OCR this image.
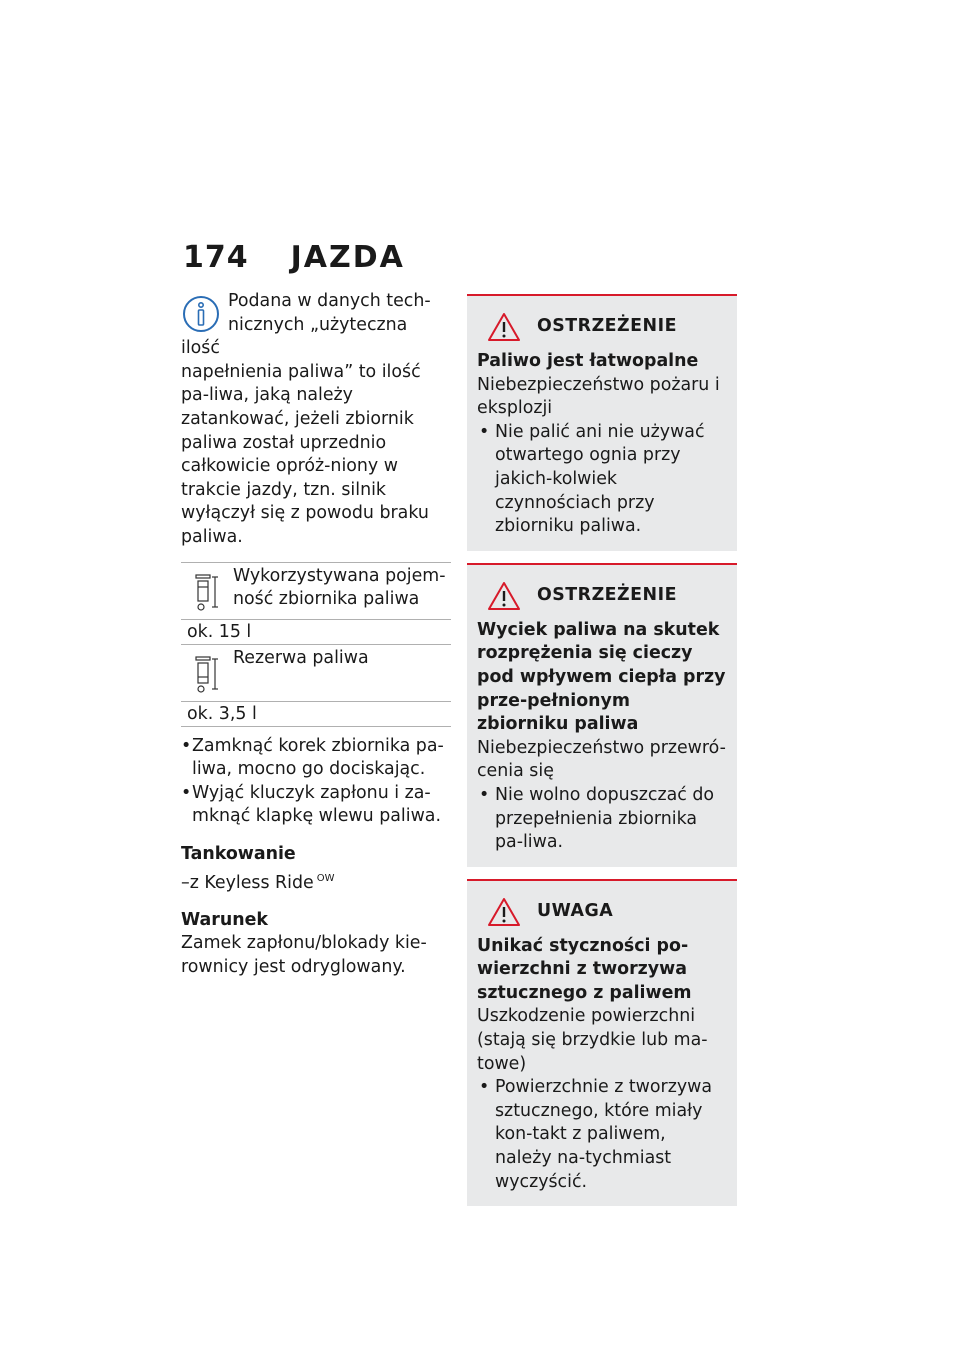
174 JAZDA

Podana w danych tech-
nicznych „użyteczna ilość
napełnienia paliwa” to ilość pa-liwa, jaką należy zatankować, jeżeli zbiornik paliwa został uprzednio całkowicie opróż-niony w trakcie jazdy, tzn. silnik wyłączył się z powodu braku paliwa.

Wykorzystywana pojem-ność zbiornika paliwa
ok. 15 l
Rezerwa paliwa
ok. 3,5 l
• Zamknąć korek zbiornika pa-liwa, mocno go dociskając.
• Wyjąć kluczyk zapłonu i za-mknąć klapkę wlewu paliwa.
Tankowanie
–z Keyless Ride $^{OW}$
Warunek
Zamek zapłonu/blokady kie-rownicy jest odryglowany.
OSTRZEŻENIE
Paliwo jest łatwopalne
Niebezpieczeństwo pożaru i eksplozji
• Nie palić ani nie używać otwartego ognia przy jakich-kolwiek czynnościach przy zbiorniku paliwa.
OSTRZEŻENIE
Wyciek paliwa na skutek rozprężenia się cieczy pod wpływem ciepła przy prze-pełnionym zbiorniku paliwa
Niebezpieczeństwo przewró-cenia się
• Nie wolno dopuszczać do przepełnienia zbiornika pa-liwa.
UWAGA
Unikać styczności po-wierzchni z tworzywa sztucznego z paliwem
Uszkodzenie powierzchni (stają się brzydkie lub ma-towe)
• Powierzchnie z tworzywa sztucznego, które miały kon-takt z paliwem, należy na-tychmiast wyczyścić.
